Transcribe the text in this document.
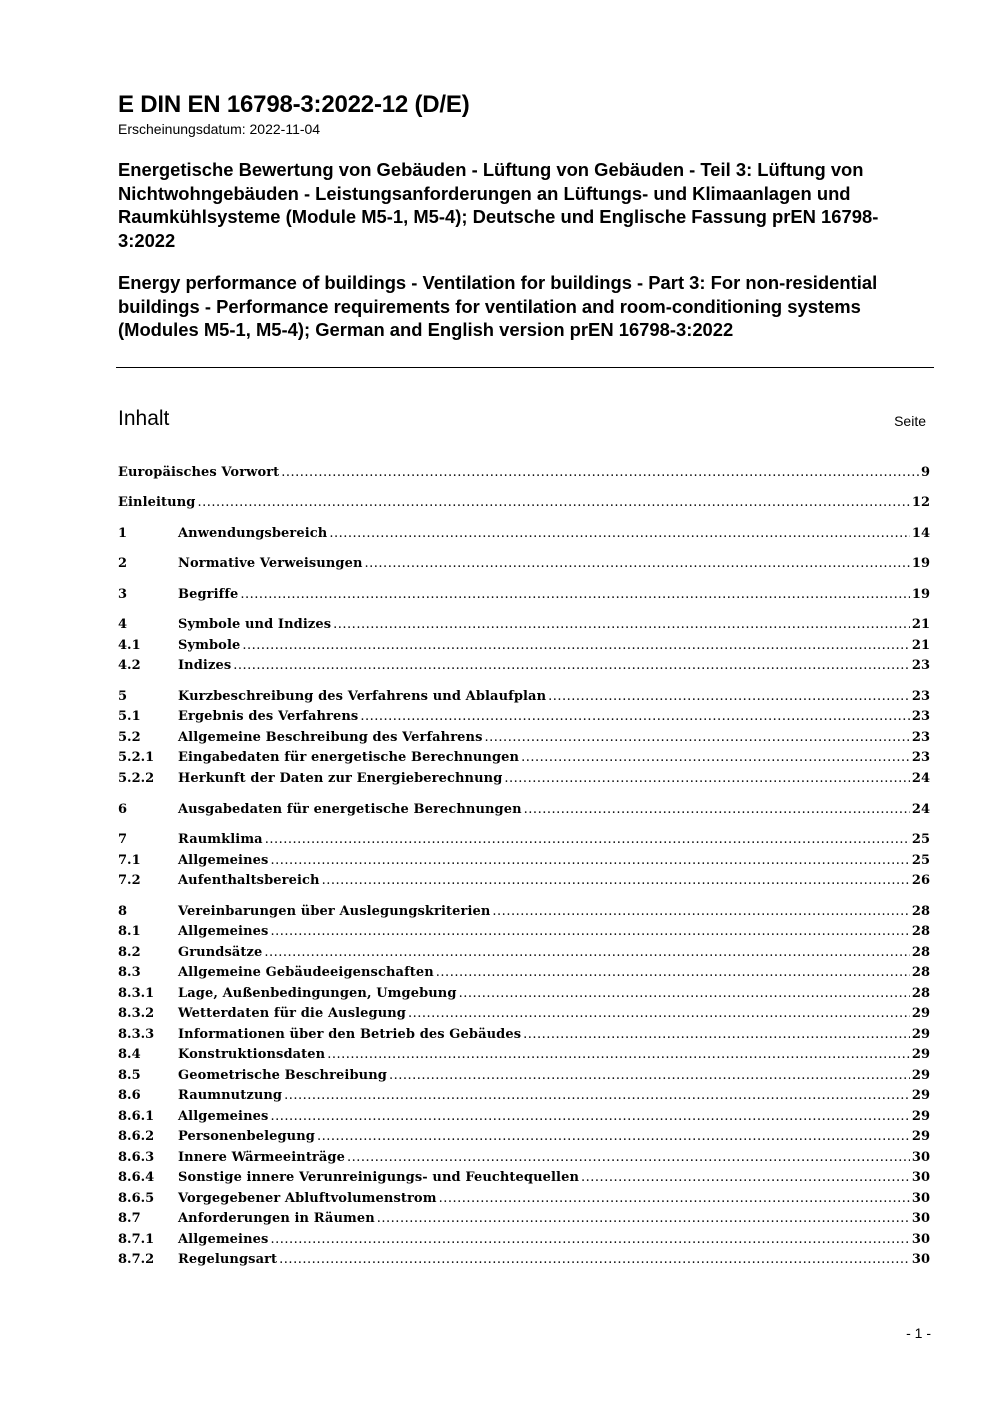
E DIN EN 16798-3:2022-12 (D/E)
Erscheinungsdatum: 2022-11-04
Energetische Bewertung von Gebäuden - Lüftung von Gebäuden - Teil 3: Lüftung von Nichtwohngebäuden - Leistungsanforderungen an Lüftungs- und Klimaanlagen und Raumkühlsysteme (Module M5-1, M5-4); Deutsche und Englische Fassung prEN 16798-3:2022
Energy performance of buildings - Ventilation for buildings - Part 3: For non-residential buildings - Performance requirements for ventilation and room-conditioning systems (Modules M5-1, M5-4); German and English version prEN 16798-3:2022
Inhalt	Seite
Europäisches Vorwort .....	9
Einleitung .....	12
1	Anwendungsbereich .....	14
2	Normative Verweisungen .....	19
3	Begriffe .....	19
4	Symbole und Indizes .....	21
4.1	Symbole .....	21
4.2	Indizes .....	23
5	Kurzbeschreibung des Verfahrens und Ablaufplan .....	23
5.1	Ergebnis des Verfahrens .....	23
5.2	Allgemeine Beschreibung des Verfahrens .....	23
5.2.1	Eingabedaten für energetische Berechnungen .....	23
5.2.2	Herkunft der Daten zur Energieberechnung .....	24
6	Ausgabedaten für energetische Berechnungen .....	24
7	Raumklima .....	25
7.1	Allgemeines .....	25
7.2	Aufenthaltsbereich .....	26
8	Vereinbarungen über Auslegungskriterien .....	28
8.1	Allgemeines .....	28
8.2	Grundsätze .....	28
8.3	Allgemeine Gebäudeeigenschaften .....	28
8.3.1	Lage, Außenbedingungen, Umgebung .....	28
8.3.2	Wetterdaten für die Auslegung .....	29
8.3.3	Informationen über den Betrieb des Gebäudes .....	29
8.4	Konstruktionsdaten .....	29
8.5	Geometrische Beschreibung .....	29
8.6	Raumnutzung .....	29
8.6.1	Allgemeines .....	29
8.6.2	Personenbelegung .....	29
8.6.3	Innere Wärmeeinträge .....	30
8.6.4	Sonstige innere Verunreinigungs- und Feuchtequellen .....	30
8.6.5	Vorgegebener Abluftvolumenstrom .....	30
8.7	Anforderungen in Räumen .....	30
8.7.1	Allgemeines .....	30
8.7.2	Regelungsart .....	30
- 1 -
